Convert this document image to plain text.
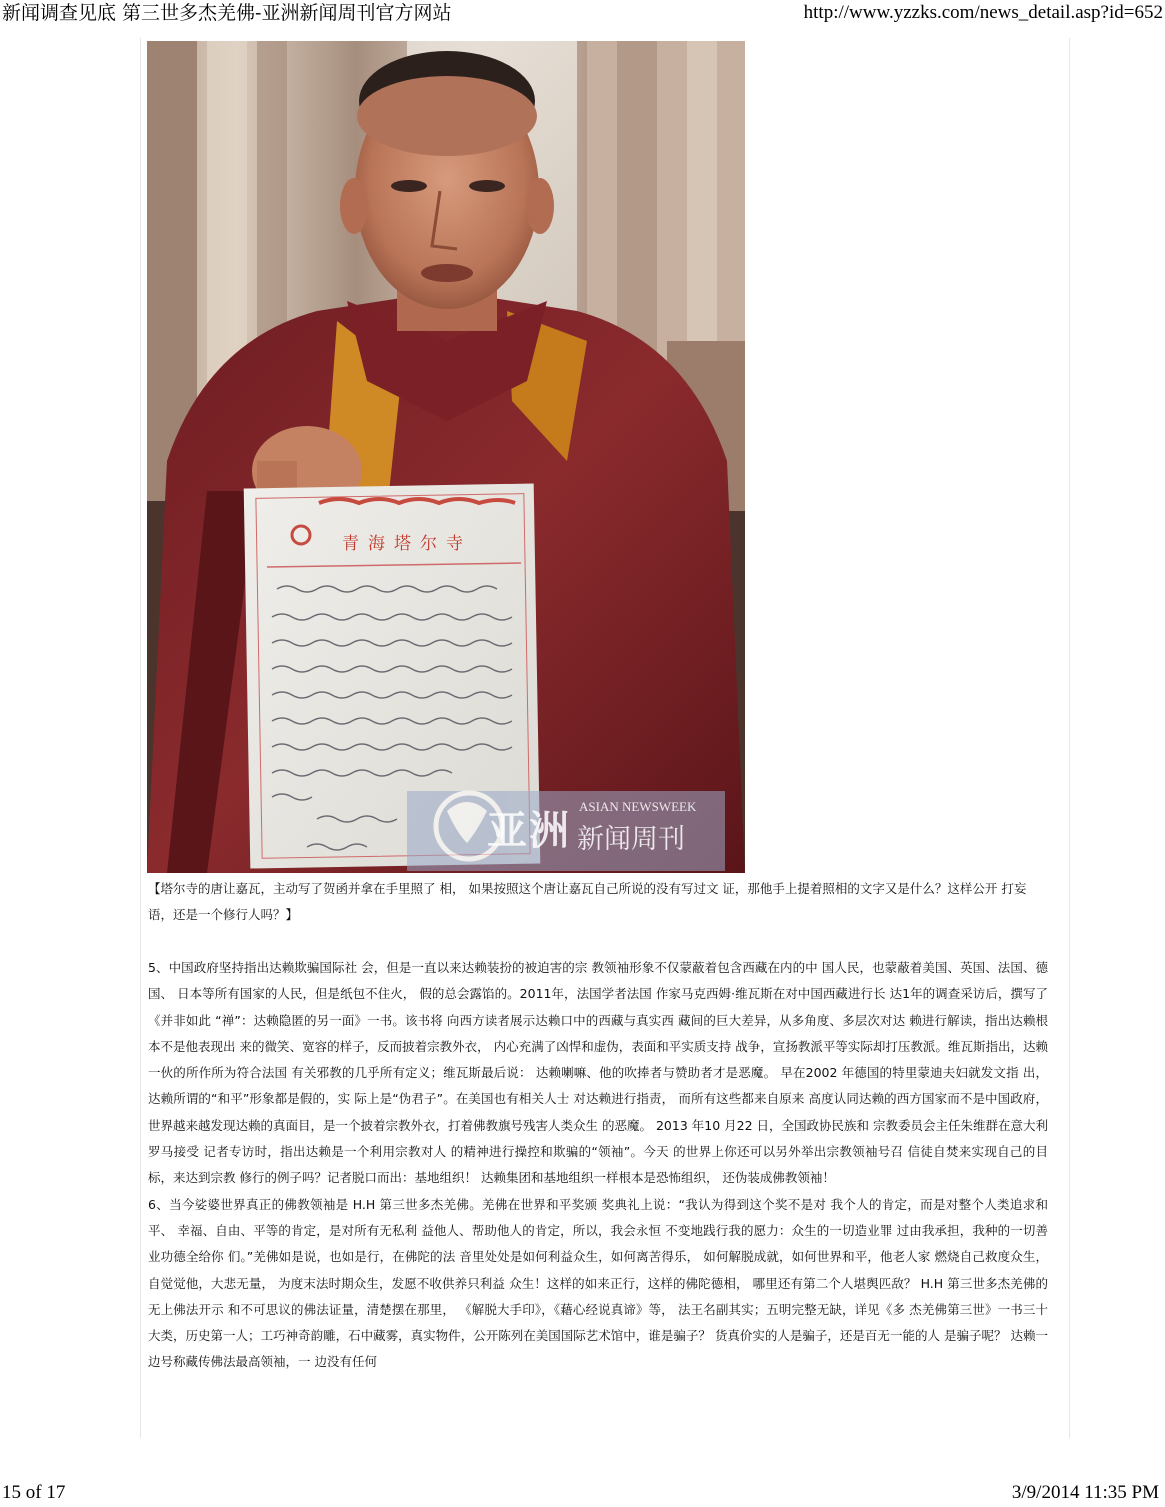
新闻调查见底 第三世多杰羌佛-亚洲新闻周刊官方网站	http://www.yzzks.com/news_detail.asp?id=652
亚洲
ASIAN NEWSWEEK
新闻周刊
青海塔尔寺
【塔尔寺的唐让嘉瓦，主动写了贺函并拿在手里照了 相， 如果按照这个唐让嘉瓦自己所说的没有写过文 证，那他手上提着照相的文字又是什么？这样公开 打妄语，还是一个修行人吗？】

5、中国政府坚持指出达赖欺骗国际社 会，但是一直以来达赖装扮的被迫害的宗 教领袖形象不仅蒙蔽着包含西藏在内的中 国人民，也蒙蔽着美国、英国、法国、德国、 日本等所有国家的人民，但是纸包不住火， 假的总会露馅的。2011年，法国学者法国 作家马克西姆·维瓦斯在对中国西藏进行长 达1年的调查采访后，撰写了《并非如此 “禅”：达赖隐匿的另一面》一书。该书将 向西方读者展示达赖口中的西藏与真实西 藏间的巨大差异，从多角度、多层次对达 赖进行解读，指出达赖根本不是他表现出 来的微笑、宽容的样子，反而披着宗教外衣， 内心充满了凶悍和虚伪，表面和平实质支持 战争，宣扬教派平等实际却打压教派。维瓦斯指出，达赖一伙的所作所为符合法国 有关邪教的几乎所有定义；维瓦斯最后说： 达赖喇嘛、他的吹捧者与赞助者才是恶魔。 早在2002 年德国的特里蒙迪夫妇就发文指 出，达赖所谓的“和平”形象都是假的，实 际上是“伪君子”。在美国也有相关人士 对达赖进行指责， 而所有这些都来自原来 高度认同达赖的西方国家而不是中国政府， 世界越来越发现达赖的真面目，是一个披着宗教外衣，打着佛教旗号残害人类众生 的恶魔。 2013 年10 月22 日，全国政协民族和 宗教委员会主任朱维群在意大利罗马接受 记者专访时，指出达赖是一个利用宗教对人 的精神进行操控和欺骗的“领袖”。今天 的世界上你还可以另外举出宗教领袖号召 信徒自焚来实现自己的目标，来达到宗教 修行的例子吗？记者脱口而出：基地组织！ 达赖集团和基地组织一样根本是恐怖组织， 还伪装成佛教领袖！

6、当今娑婆世界真正的佛教领袖是 H.H 第三世多杰羌佛。羌佛在世界和平奖颁 奖典礼上说：“我认为得到这个奖不是对 我个人的肯定，而是对整个人类追求和平、 幸福、自由、平等的肯定，是对所有无私利 益他人、帮助他人的肯定，所以，我会永恒 不变地践行我的愿力：众生的一切造业罪 过由我承担，我种的一切善业功德全给你 们。”羌佛如是说，也如是行，在佛陀的法 音里处处是如何利益众生，如何离苦得乐， 如何解脱成就，如何世界和平，他老人家 燃烧自己救度众生，自觉觉他，大悲无量， 为度末法时期众生，发愿不收供养只利益 众生！这样的如来正行，这样的佛陀德相， 哪里还有第二个人堪舆匹敌？ H.H 第三世多杰羌佛的无上佛法开示 和不可思议的佛法证量，清楚摆在那里， 《解脱大手印》，《藉心经说真谛》等， 法王名副其实；五明完整无缺，详见《多 杰羌佛第三世》一书三十大类，历史第一人；工巧神奇韵雕，石中藏雾，真实物件，公开陈列在美国国际艺术馆中，谁是骗子？ 货真价实的人是骗子，还是百无一能的人 是骗子呢？ 达赖一边号称藏传佛法最高领袖，一 边没有任何

15 of 17	3/9/2014 11:35 PM
